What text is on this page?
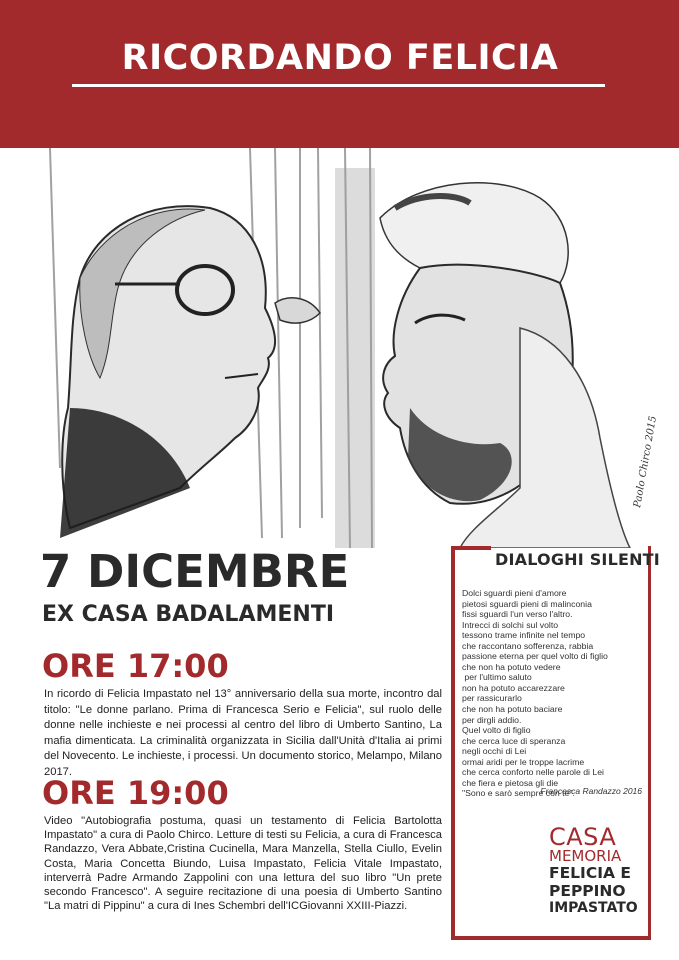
RICORDANDO FELICIA
Paolo Chirco 2015
7 DICEMBRE
EX CASA BADALAMENTI
ORE 17:00
In ricordo di Felicia Impastato nel 13° anniversario della sua morte, incontro dal titolo: "Le donne parlano. Prima di Francesca Serio e Felicia", sul ruolo delle donne nelle inchieste e nei processi al centro del libro di Umberto Santino, La mafia dimenticata. La criminalità organizzata in Sicilia dall'Unità d'Italia ai primi del Novecento. Le inchieste, i processi. Un documento storico, Melampo, Milano 2017.
ORE 19:00
Video "Autobiografia postuma, quasi un testamento di Felicia Bartolotta Impastato" a cura di Paolo Chirco. Letture di testi su Felicia, a cura di Francesca Randazzo, Vera Abbate,Cristina Cucinella, Mara Manzella, Stella Ciullo, Evelin Costa, Maria Concetta Biundo, Luisa Impastato, Felicia Vitale Impastato, interverrà Padre Armando Zappolini con una lettura del suo libro "Un prete secondo Francesco". A seguire recitazione di una poesia di Umberto Santino "La matri di Pippinu" a cura di Ines Schembri dell'ICGiovanni XXIII-Piazzi.
DIALOGHI SILENTI
Dolci sguardi pieni d'amore
pietosi sguardi pieni di malinconia
fissi sguardi l'un verso l'altro.
Intrecci di solchi sul volto
tessono trame infinite nel tempo
che raccontano sofferenza, rabbia
passione eterna per quel volto di figlio
che non ha potuto vedere
per l'ultimo saluto
non ha potuto accarezzare
per rassicurarlo
che non ha potuto baciare
per dirgli addio.
Quel volto di figlio
che cerca luce di speranza
negli occhi di Lei
ormai aridi per le troppe lacrime
che cerca conforto nelle parole di Lei
che fiera e pietosa gli die
"Sono e sarò sempre con te".
Francesca Randazzo 2016
CASA
MEMORIA
FELICIA E
PEPPINO
IMPASTATO
